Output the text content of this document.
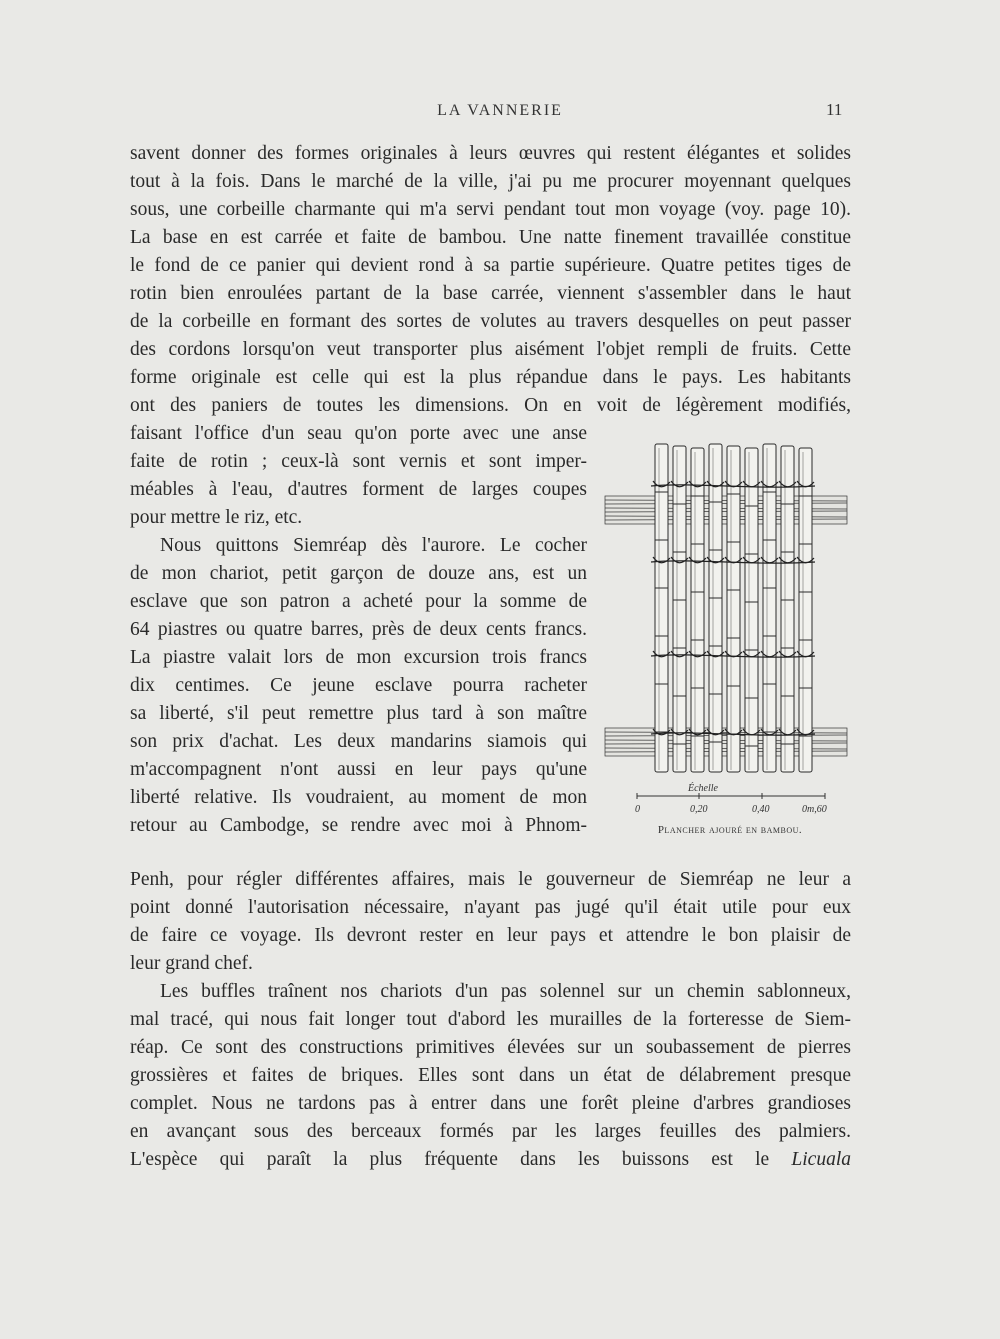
LA VANNERIE	11
savent donner des formes originales à leurs œuvres qui restent élégantes et solides
tout à la fois. Dans le marché de la ville, j'ai pu me procurer moyennant quelques
sous, une corbeille charmante qui m'a servi pendant tout mon voyage (voy. page 10).
La base en est carrée et faite de bambou. Une natte finement travaillée constitue
le fond de ce panier qui devient rond à sa partie supérieure. Quatre petites tiges de
rotin bien enroulées partant de la base carrée, viennent s'assembler dans le haut
de la corbeille en formant des sortes de volutes au travers desquelles on peut passer
des cordons lorsqu'on veut transporter plus aisément l'objet rempli de fruits. Cette
forme originale est celle qui est la plus répandue dans le pays. Les habitants
ont des paniers de toutes les dimensions. On en voit de légèrement modifiés,
faisant l'office d'un seau qu'on porte avec une anse
faite de rotin ; ceux-là sont vernis et sont imper-
méables à l'eau, d'autres forment de larges coupes
pour mettre le riz, etc.
Nous quittons Siemréap dès l'aurore. Le cocher
de mon chariot, petit garçon de douze ans, est un
esclave que son patron a acheté pour la somme de
64 piastres ou quatre barres, près de deux cents francs.
La piastre valait lors de mon excursion trois francs
dix centimes. Ce jeune esclave pourra racheter
sa liberté, s'il peut remettre plus tard à son maître
son prix d'achat. Les deux mandarins siamois qui
m'accompagnent n'ont aussi en leur pays qu'une
liberté relative. Ils voudraient, au moment de mon
retour au Cambodge, se rendre avec moi à Phnom-
Penh, pour régler différentes affaires, mais le gouverneur de Siemréap ne leur a
point donné l'autorisation nécessaire, n'ayant pas jugé qu'il était utile pour eux
de faire ce voyage. Ils devront rester en leur pays et attendre le bon plaisir de
leur grand chef.
Les buffles traînent nos chariots d'un pas solennel sur un chemin sablonneux,
mal tracé, qui nous fait longer tout d'abord les murailles de la forteresse de Siem-
réap. Ce sont des constructions primitives élevées sur un soubassement de pierres
grossières et faites de briques. Elles sont dans un état de délabrement presque
complet. Nous ne tardons pas à entrer dans une forêt pleine d'arbres grandioses
en avançant sous des berceaux formés par les larges feuilles des palmiers.
L'espèce qui paraît la plus fréquente dans les buissons est le Licuala
Échelle
0	0,20	0,40	0m,60
Plancher ajouré en bambou.
